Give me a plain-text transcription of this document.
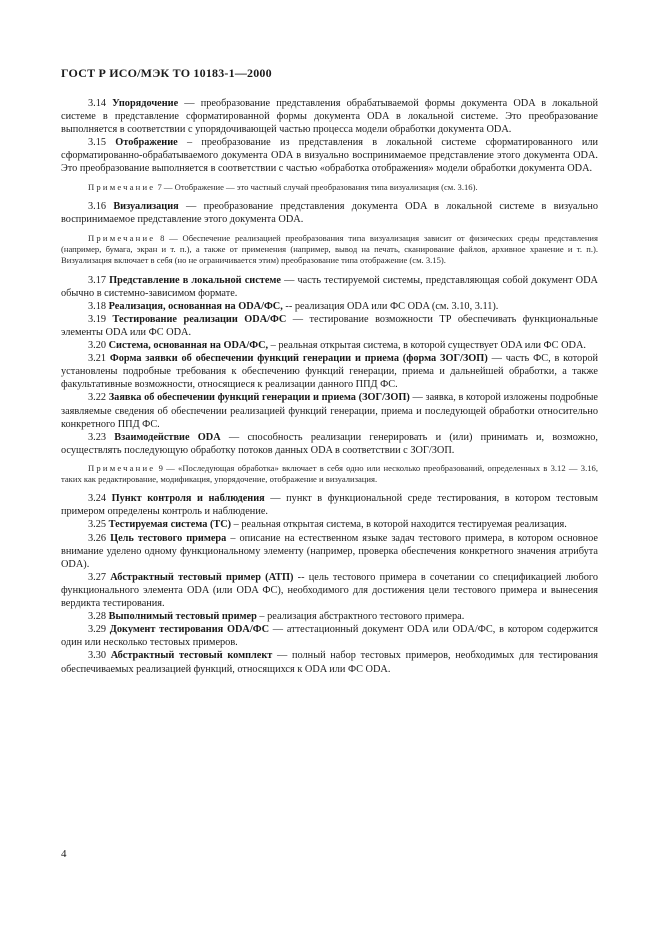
ГОСТ Р ИСО/МЭК ТО 10183-1—2000

3.14 Упорядочение — преобразование представления обрабатываемой формы документа ODA в локальной системе в представление сформатированной формы документа ODA в локальной системе. Это преобразование выполняется в соответствии с упорядочивающей частью процесса модели обработки документа ODA.

3.15 Отображение – преобразование из представления в локальной системе сформатированного или сформатированно-обрабатываемого документа ODA в визуально воспринимаемое представление этого документа ODA. Это преобразование выполняется в соответствии с частью «обработка отображения» модели обработки документа ODA.

Примечание 7 — Отображение — это частный случай преобразования типа визуализация (см. 3.16).

3.16 Визуализация — преобразование представления документа ODA в локальной системе в визуально воспринимаемое представление этого документа ODA.

Примечание 8 — Обеспечение реализацией преобразования типа визуализация зависит от физических среды представления (например, бумага, экран и т. п.), а также от применения (например, вывод на печать, сканирование файлов, архивное хранение и т. п.). Визуализация включает в себя (но не ограничивается этим) преобразование типа отображение (см. 3.15).

3.17 Представление в локальной системе — часть тестируемой системы, представляющая собой документ ODA обычно в системно-зависимом формате.

3.18 Реализация, основанная на ODA/ФС, -- реализация ODA или ФС ODA (см. 3.10, 3.11).

3.19 Тестирование реализации ODA/ФС — тестирование возможности ТР обеспечивать функциональные элементы ODA или ФС ODA.

3.20 Система, основанная на ODA/ФС, – реальная открытая система, в которой существует ODA или ФС ODA.

3.21 Форма заявки об обеспечении функций генерации и приема (форма ЗОГ/ЗОП) — часть ФС, в которой установлены подробные требования к обеспечению функций генерации, приема и дальнейшей обработки, а также факультативные возможности, относящиеся к реализации данного ППД ФС.

3.22 Заявка об обеспечении функций генерации и приема (ЗОГ/ЗОП) — заявка, в которой изложены подробные заявляемые сведения об обеспечении реализацией функций генерации, приема и последующей обработки относительно конкретного ППД ФС.

3.23 Взаимодействие ODA — способность реализации генерировать и (или) принимать и, возможно, осуществлять последующую обработку потоков данных ODA в соответствии с ЗОГ/ЗОП.

Примечание 9 — «Последующая обработка» включает в себя одно или несколько преобразований, определенных в 3.12 — 3.16, таких как редактирование, модификация, упорядочение, отображение и визуализация.

3.24 Пункт контроля и наблюдения — пункт в функциональной среде тестирования, в котором тестовым примером определены контроль и наблюдение.

3.25 Тестируемая система (ТС) – реальная открытая система, в которой находится тестируемая реализация.

3.26 Цель тестового примера – описание на естественном языке задач тестового примера, в котором основное внимание уделено одному функциональному элементу (например, проверка обеспечения конкретного значения атрибута ODA).

3.27 Абстрактный тестовый пример (АТП) -- цель тестового примера в сочетании со спецификацией любого функционального элемента ODA (или ODA ФС), необходимого для достижения цели тестового примера и вынесения вердикта тестирования.

3.28 Выполнимый тестовый пример – реализация абстрактного тестового примера.

3.29 Документ тестирования ODA/ФС — аттестационный документ ODA или ODA/ФС, в котором содержится один или несколько тестовых примеров.

3.30 Абстрактный тестовый комплект — полный набор тестовых примеров, необходимых для тестирования обеспечиваемых реализацией функций, относящихся к ODA или ФС ODA.

4
